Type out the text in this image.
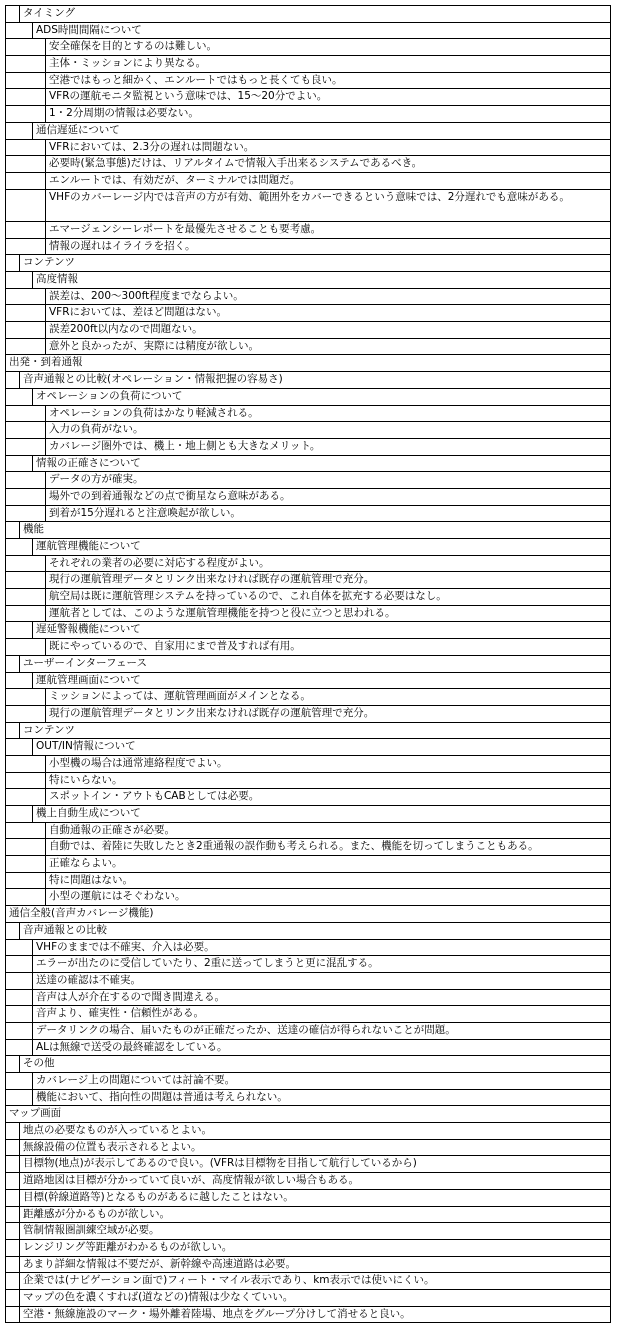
タイミング
ADS時間間隔について
安全確保を目的とするのは難しい。
主体・ミッションにより異なる。
空港ではもっと細かく、エンルートではもっと長くても良い。
VFRの運航モニタ監視という意味では、15～20分でよい。
1・2分周期の情報は必要ない。
通信遅延について
VFRにおいては、2.3分の遅れは問題ない。
必要時(緊急事態)だけは、リアルタイムで情報入手出来るシステムであるべき。
エンルートでは、有効だが、ターミナルでは問題だ。
VHFのカバーレージ内では音声の方が有効、範囲外をカバーできるという意味では、2分遅れでも意味がある。
エマージェンシーレポートを最優先させることも要考慮。
情報の遅れはイライラを招く。
コンテンツ
高度情報
誤差は、200～300ft程度までならよい。
VFRにおいては、差ほど問題はない。
誤差200ft以内なので問題ない。
意外と良かったが、実際には精度が欲しい。
出発・到着通報
音声通報との比較(オペレーション・情報把握の容易さ)
オペレーションの負荷について
オペレーションの負荷はかなり軽減される。
入力の負荷がない。
カバレージ圏外では、機上・地上側とも大きなメリット。
情報の正確さについて
データの方が確実。
場外での到着通報などの点で衝星なら意味がある。
到着が15分遅れると注意喚起が欲しい。
機能
運航管理機能について
それぞれの業者の必要に対応する程度がよい。
現行の運航管理データとリンク出来なければ既存の運航管理で充分。
航空局は既に運航管理システムを持っているので、これ自体を拡充する必要はなし。
運航者としては、このような運航管理機能を持つと役に立つと思われる。
遅延警報機能について
既にやっているので、自家用にまで普及すれば有用。
ユーザーインターフェース
運航管理画面について
ミッションによっては、運航管理画面がメインとなる。
現行の運航管理データとリンク出来なければ既存の運航管理で充分。
コンテンツ
OUT/IN情報について
小型機の場合は通常連絡程度でよい。
特にいらない。
スポットイン・アウトもCABとしては必要。
機上自動生成について
自動通報の正確さが必要。
自動では、着陸に失敗したとき2重通報の誤作動も考えられる。また、機能を切ってしまうこともある。
正確ならよい。
特に問題はない。
小型の運航にはそぐわない。
通信全般(音声カバレージ機能)
音声通報との比較
VHFのままでは不確実、介入は必要。
エラーが出たのに受信していたり、2重に送ってしまうと更に混乱する。
送達の確認は不確実。
音声は人が介在するので聞き間違える。
音声より、確実性・信頼性がある。
データリンクの場合、届いたものが正確だったか、送達の確信が得られないことが問題。
ALは無線で送受の最終確認をしている。
その他
カバレージ上の問題については討論不要。
機能において、指向性の問題は普通は考えられない。
マップ画面
地点の必要なものが入っているとよい。
無線設備の位置も表示されるとよい。
目標物(地点)が表示してあるので良い。(VFRは目標物を目指して航行しているから)
道路地図は目標が分かっていて良いが、高度情報が欲しい場合もある。
目標(幹線道路等)となるものがあるに越したことはない。
距離感が分かるものが欲しい。
管制情報圏訓練空域が必要。
レンジリング等距離がわかるものが欲しい。
あまり詳細な情報は不要だが、新幹線や高速道路は必要。
企業では(ナビゲーション面で)フィート・マイル表示であり、km表示では使いにくい。
マップの色を濃くすれば(道などの)情報は少なくていい。
空港・無線施設のマーク・場外離着陸場、地点をグループ分けして消せると良い。
